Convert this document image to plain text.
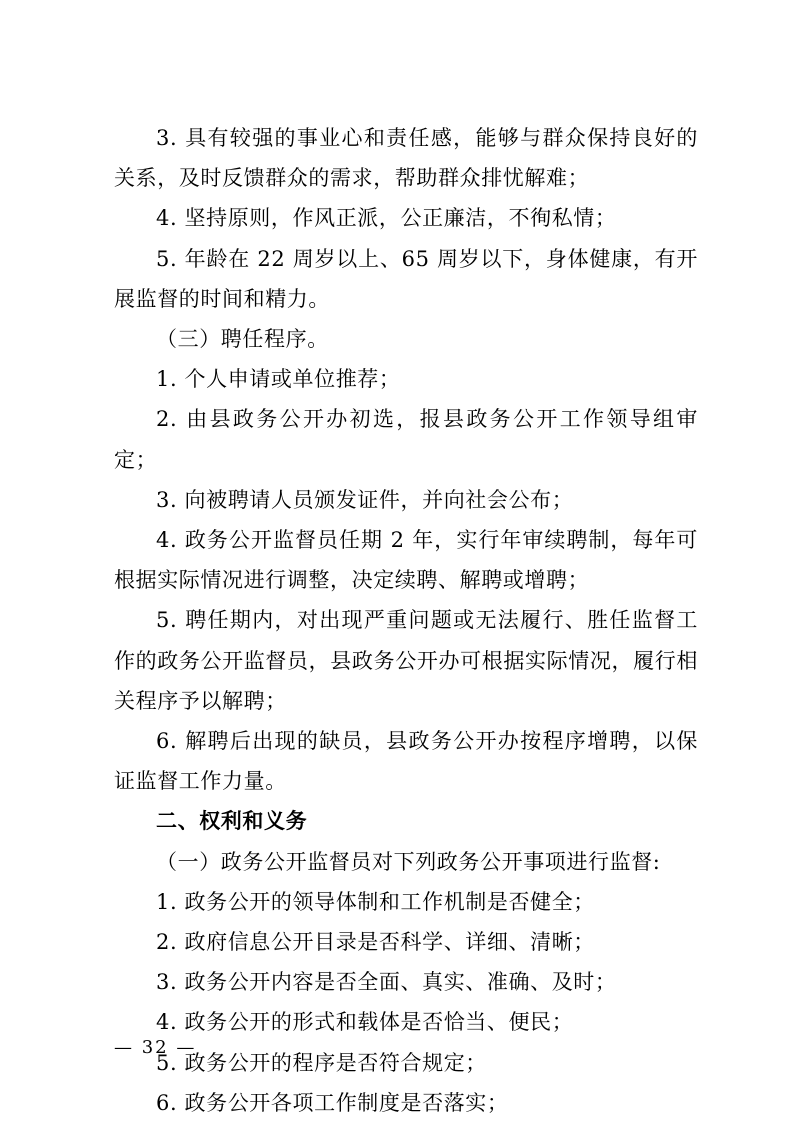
3. 具有较强的事业心和责任感，能够与群众保持良好的关系，及时反馈群众的需求，帮助群众排忧解难；

4. 坚持原则，作风正派，公正廉洁，不徇私情；

5. 年龄在 22 周岁以上、65 周岁以下，身体健康，有开展监督的时间和精力。

（三）聘任程序。

1. 个人申请或单位推荐；

2. 由县政务公开办初选，报县政务公开工作领导组审定；

3. 向被聘请人员颁发证件，并向社会公布；

4. 政务公开监督员任期 2 年，实行年审续聘制，每年可根据实际情况进行调整，决定续聘、解聘或增聘；

5. 聘任期内，对出现严重问题或无法履行、胜任监督工作的政务公开监督员，县政务公开办可根据实际情况，履行相关程序予以解聘；

6. 解聘后出现的缺员，县政务公开办按程序增聘，以保证监督工作力量。

二、权利和义务

（一）政务公开监督员对下列政务公开事项进行监督:

1. 政务公开的领导体制和工作机制是否健全；

2. 政府信息公开目录是否科学、详细、清晰；

3. 政务公开内容是否全面、真实、准确、及时；

4. 政务公开的形式和载体是否恰当、便民；

5. 政务公开的程序是否符合规定；

6. 政务公开各项工作制度是否落实；

— 32 —
